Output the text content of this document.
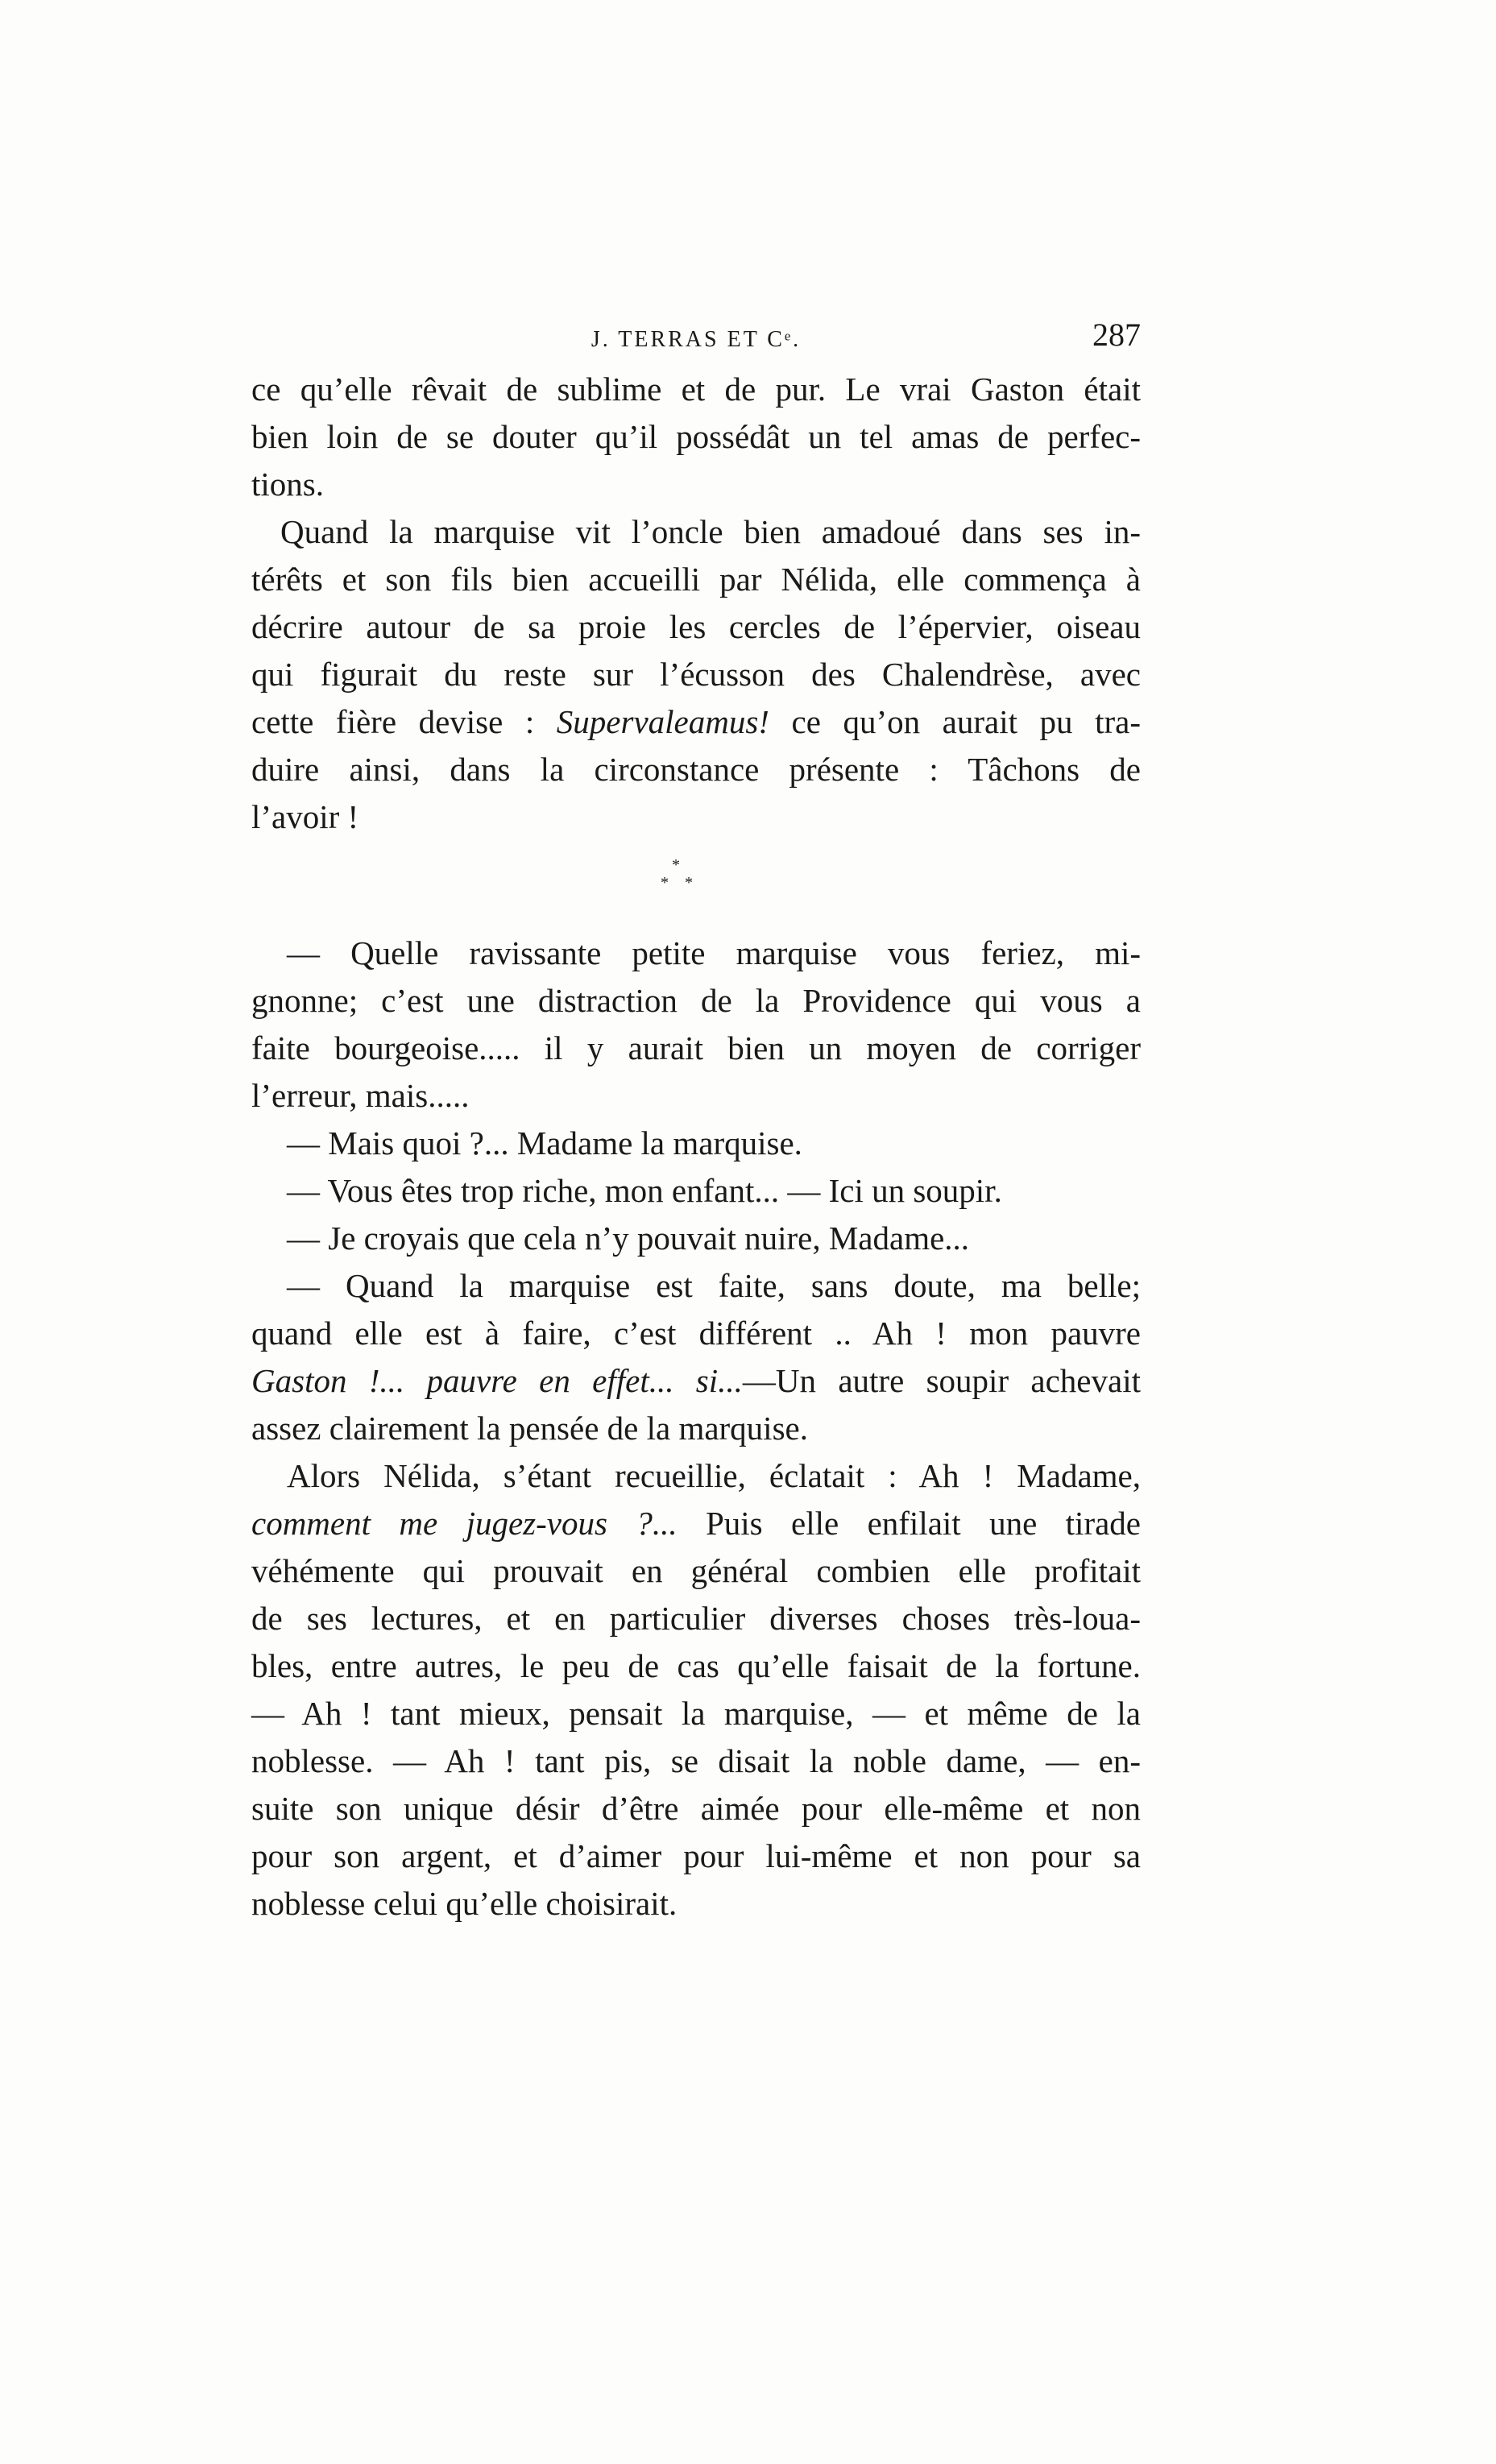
J. TERRAS ET Cᵉ.	287
ce qu’elle rêvait de sublime et de pur. Le vrai Gaston était
bien loin de se douter qu’il possédât un tel amas de perfec-
tions.
Quand la marquise vit l’oncle bien amadoué dans ses in-
térêts et son fils bien accueilli par Nélida, elle commença à
décrire autour de sa proie les cercles de l’épervier, oiseau
qui figurait du reste sur l’écusson des Chalendrèse, avec
cette fière devise : Supervaleamus! ce qu’on aurait pu tra-
duire ainsi, dans la circonstance présente : Tâchons de
l’avoir !
*
* *
— Quelle ravissante petite marquise vous feriez, mi-
gnonne; c’est une distraction de la Providence qui vous a
faite bourgeoise..... il y aurait bien un moyen de corriger
l’erreur, mais.....
— Mais quoi ?... Madame la marquise.
— Vous êtes trop riche, mon enfant... — Ici un soupir.
— Je croyais que cela n’y pouvait nuire, Madame...
— Quand la marquise est faite, sans doute, ma belle;
quand elle est à faire, c’est différent .. Ah ! mon pauvre
Gaston !... pauvre en effet... si...—Un autre soupir achevait
assez clairement la pensée de la marquise.
Alors Nélida, s’étant recueillie, éclatait : Ah ! Madame,
comment me jugez-vous ?... Puis elle enfilait une tirade
véhémente qui prouvait en général combien elle profitait
de ses lectures, et en particulier diverses choses très-loua-
bles, entre autres, le peu de cas qu’elle faisait de la fortune.
— Ah ! tant mieux, pensait la marquise, — et même de la
noblesse. — Ah ! tant pis, se disait la noble dame, — en-
suite son unique désir d’être aimée pour elle-même et non
pour son argent, et d’aimer pour lui-même et non pour sa
noblesse celui qu’elle choisirait.
